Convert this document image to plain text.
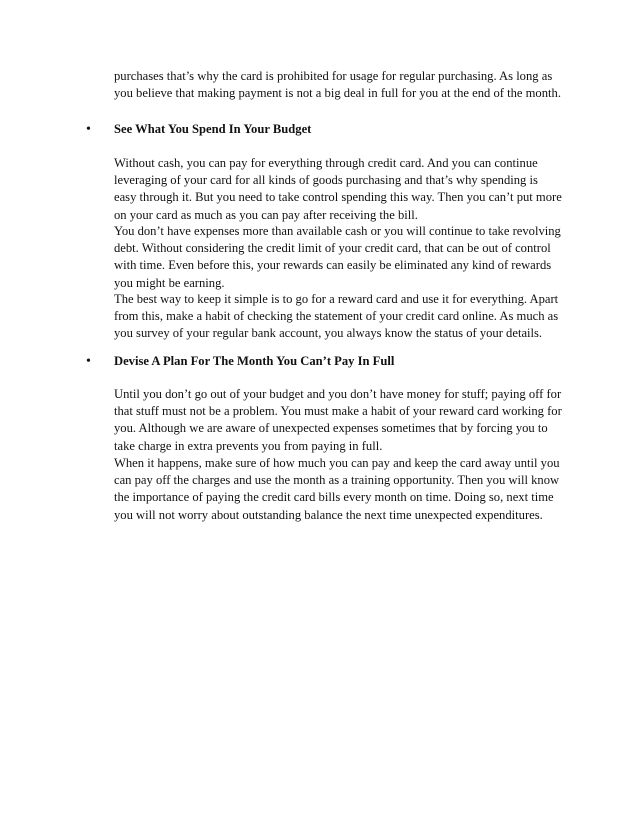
purchases that’s why the card is prohibited for usage for regular purchasing. As long as you believe that making payment is not a big deal in full for you at the end of the month.

• See What You Spend In Your Budget

Without cash, you can pay for everything through credit card. And you can continue leveraging of your card for all kinds of goods purchasing and that’s why spending is easy through it. But you need to take control spending this way. Then you can’t put more on your card as much as you can pay after receiving the bill.

You don’t have expenses more than available cash or you will continue to take revolving debt. Without considering the credit limit of your credit card, that can be out of control with time. Even before this, your rewards can easily be eliminated any kind of rewards you might be earning.

The best way to keep it simple is to go for a reward card and use it for everything. Apart from this, make a habit of checking the statement of your credit card online. As much as you survey of your regular bank account, you always know the status of your details.

• Devise A Plan For The Month You Can’t Pay In Full

Until you don’t go out of your budget and you don’t have money for stuff; paying off for that stuff must not be a problem. You must make a habit of your reward card working for you. Although we are aware of unexpected expenses sometimes that by forcing you to take charge in extra prevents you from paying in full.

When it happens, make sure of how much you can pay and keep the card away until you can pay off the charges and use the month as a training opportunity. Then you will know the importance of paying the credit card bills every month on time. Doing so, next time you will not worry about outstanding balance the next time unexpected expenditures.
